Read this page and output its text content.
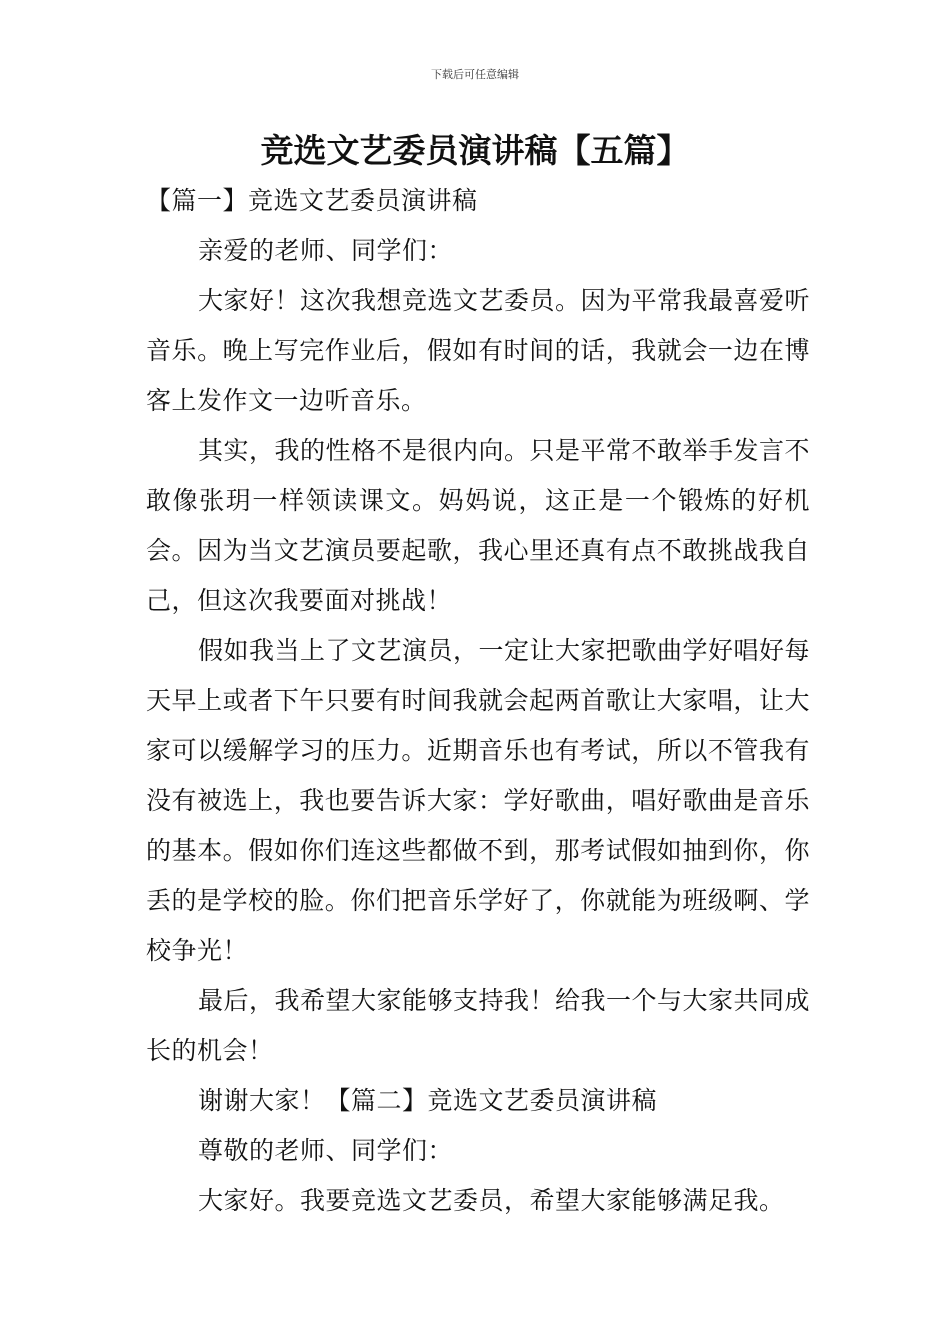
下载后可任意编辑
竞选文艺委员演讲稿【五篇】

【篇一】竞选文艺委员演讲稿

亲爱的老师、同学们：

大家好！这次我想竞选文艺委员。因为平常我最喜爱听音乐。晚上写完作业后，假如有时间的话，我就会一边在博客上发作文一边听音乐。

其实，我的性格不是很内向。只是平常不敢举手发言不敢像张玥一样领读课文。妈妈说，这正是一个锻炼的好机会。因为当文艺演员要起歌，我心里还真有点不敢挑战我自己，但这次我要面对挑战！

假如我当上了文艺演员，一定让大家把歌曲学好唱好每天早上或者下午只要有时间我就会起两首歌让大家唱，让大家可以缓解学习的压力。近期音乐也有考试，所以不管我有没有被选上，我也要告诉大家：学好歌曲，唱好歌曲是音乐的基本。假如你们连这些都做不到，那考试假如抽到你，你丢的是学校的脸。你们把音乐学好了，你就能为班级啊、学校争光！

最后，我希望大家能够支持我！给我一个与大家共同成长的机会！

谢谢大家！【篇二】竞选文艺委员演讲稿

尊敬的老师、同学们：

大家好。我要竞选文艺委员，希望大家能够满足我。
